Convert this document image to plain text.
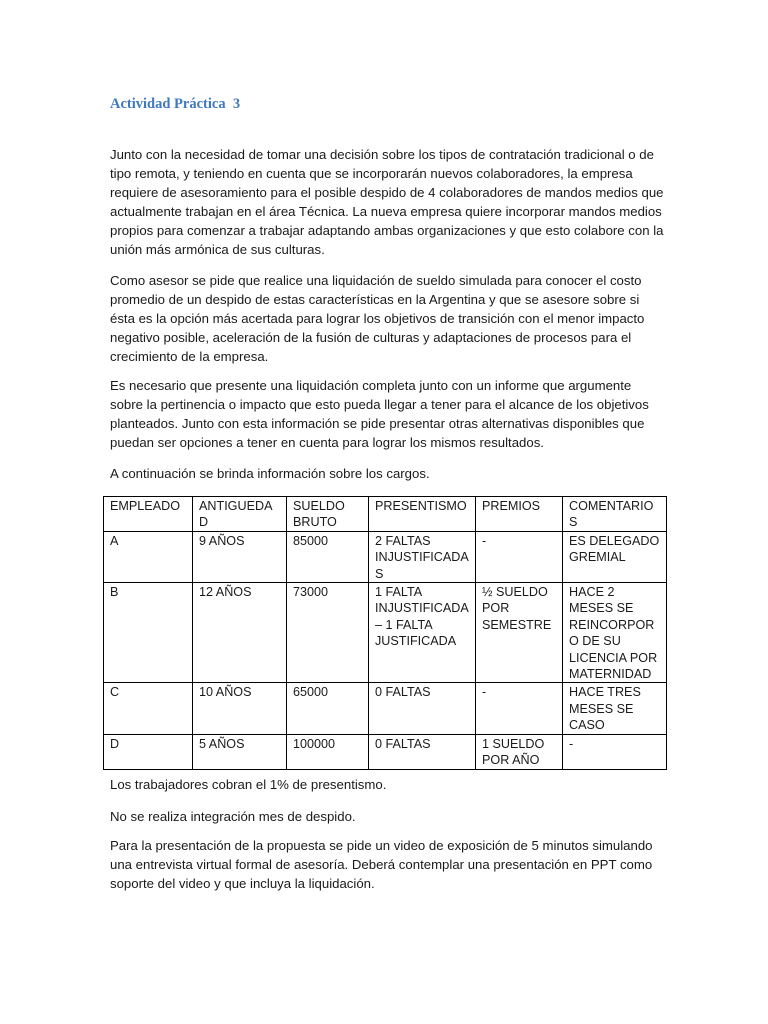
Actividad Práctica  3

Junto con la necesidad de tomar una decisión sobre los tipos de contratación tradicional o de tipo remota, y teniendo en cuenta que se incorporarán nuevos colaboradores, la empresa requiere de asesoramiento para el posible despido de 4 colaboradores de mandos medios que actualmente trabajan en el área Técnica. La nueva empresa quiere incorporar mandos medios propios para comenzar a trabajar adaptando ambas organizaciones y que esto colabore con la unión más armónica de sus culturas.

Como asesor se pide que realice una liquidación de sueldo simulada para conocer el costo promedio de un despido de estas características en la Argentina y que se asesore sobre si ésta es la opción más acertada para lograr los objetivos de transición con el menor impacto negativo posible, aceleración de la fusión de culturas y adaptaciones de procesos para el crecimiento de la empresa.

Es necesario que presente una liquidación completa junto con un informe que argumente sobre la pertinencia o impacto que esto pueda llegar a tener para el alcance de los objetivos planteados. Junto con esta información se pide presentar otras alternativas disponibles que puedan ser opciones a tener en cuenta para lograr los mismos resultados.

A continuación se brinda información sobre los cargos.

EMPLEADO	ANTIGUEDAD	SUELDO BRUTO	PRESENTISMO	PREMIOS	COMENTARIOS
A	9 AÑOS	85000	2 FALTAS INJUSTIFICADAS	-	ES DELEGADO GREMIAL
B	12 AÑOS	73000	1 FALTA INJUSTIFICADA – 1 FALTA JUSTIFICADA	½ SUELDO POR SEMESTRE	HACE 2 MESES SE REINCORPORO DE SU LICENCIA POR MATERNIDAD
C	10 AÑOS	65000	0 FALTAS	-	HACE TRES MESES SE CASO
D	5 AÑOS	100000	0 FALTAS	1 SUELDO POR AÑO	-

Los trabajadores cobran el 1% de presentismo.

No se realiza integración mes de despido.

Para la presentación de la propuesta se pide un video de exposición de 5 minutos simulando una entrevista virtual formal de asesoría. Deberá contemplar una presentación en PPT como soporte del video y que incluya la liquidación.
